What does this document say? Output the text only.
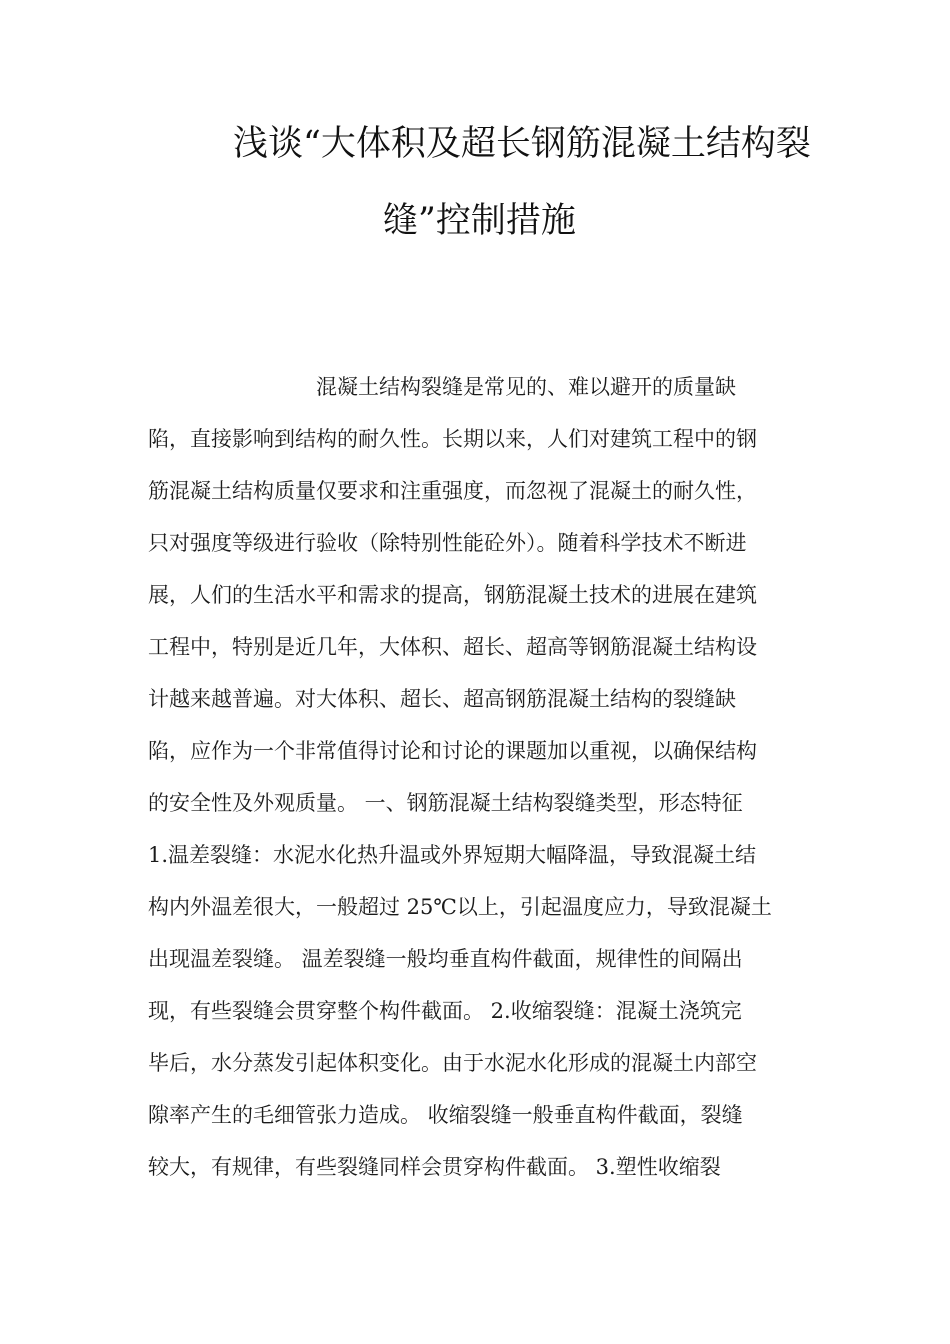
浅谈“大体积及超长钢筋混凝土结构裂
缝”控制措施
混凝土结构裂缝是常见的、难以避开的质量缺
陷，直接影响到结构的耐久性。长期以来，人们对建筑工程中的钢
筋混凝土结构质量仅要求和注重强度，而忽视了混凝土的耐久性，
只对强度等级进行验收（除特别性能砼外）。随着科学技术不断进
展，人们的生活水平和需求的提高，钢筋混凝土技术的进展在建筑
工程中，特别是近几年，大体积、超长、超高等钢筋混凝土结构设
计越来越普遍。对大体积、超长、超高钢筋混凝土结构的裂缝缺
陷，应作为一个非常值得讨论和讨论的课题加以重视，以确保结构
的安全性及外观质量。 一、钢筋混凝土结构裂缝类型，形态特征
1.温差裂缝：水泥水化热升温或外界短期大幅降温，导致混凝土结
构内外温差很大，一般超过 25℃以上，引起温度应力，导致混凝土
出现温差裂缝。 温差裂缝一般均垂直构件截面，规律性的间隔出
现，有些裂缝会贯穿整个构件截面。 2.收缩裂缝：混凝土浇筑完
毕后，水分蒸发引起体积变化。由于水泥水化形成的混凝土内部空
隙率产生的毛细管张力造成。 收缩裂缝一般垂直构件截面，裂缝
较大，有规律，有些裂缝同样会贯穿构件截面。 3.塑性收缩裂
